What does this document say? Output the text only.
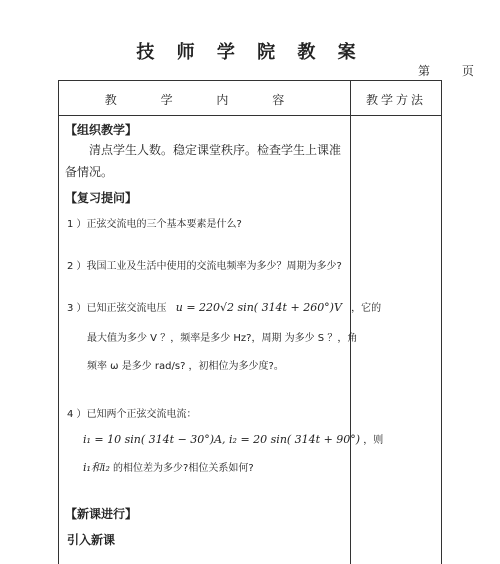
技 师 学 院 教 案
第 页
教 学 内 容	教学方法
【组织教学】
清点学生人数。稳定课堂秩序。检查学生上课准备情况。
【复习提问】
1 ）正弦交流电的三个基本要素是什么?
2 ）我国工业及生活中使用的交流电频率为多少？周期为多少?
3 ）已知正弦交流电压 u = 220√2 sin( 314t + 260°)V ，它的
最大值为多少 V ？，频率是多少 Hz?，周期 为多少 S ？，角
频率 ω 是多少 rad/s? ，初相位为多少度?。
4 ）已知两个正弦交流电流：
i₁ = 10 sin( 314t − 30°)A, i₂ = 20 sin( 314t + 90°) ，则
i₁和i₂ 的相位差为多少?相位关系如何?
【新课进行】
引入新课
